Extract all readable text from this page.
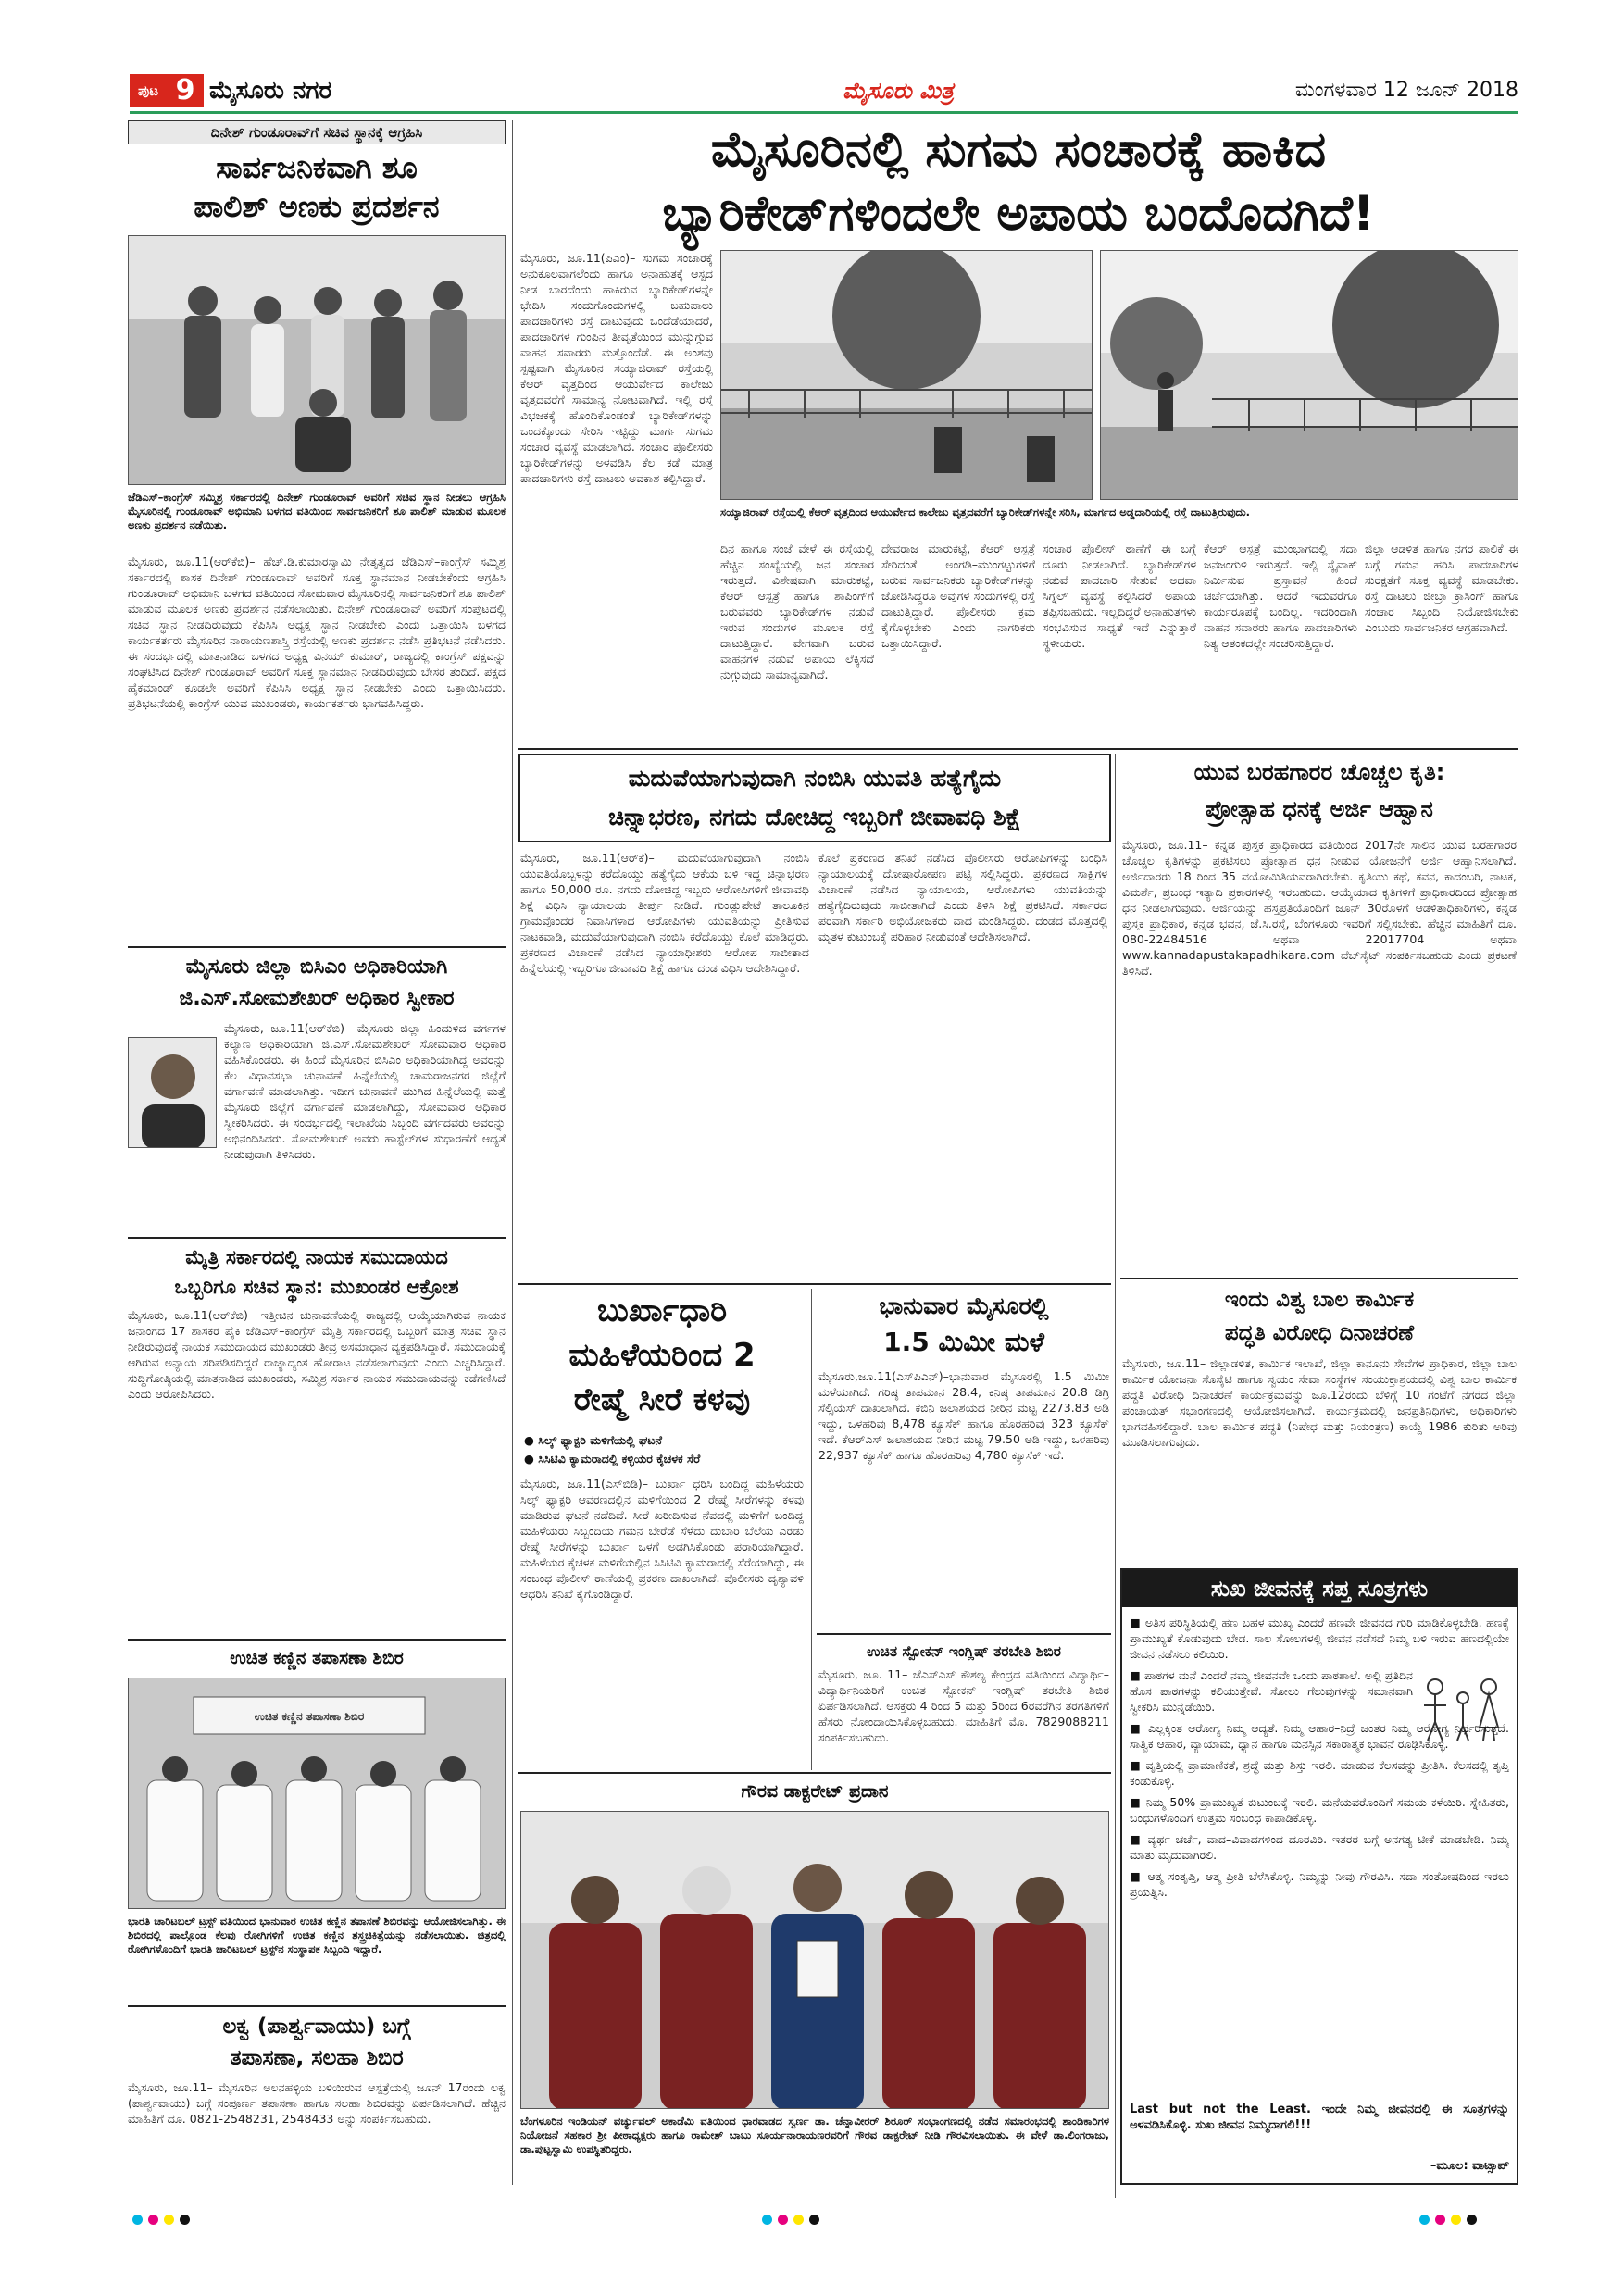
ಪುಟ 9 ಮೈಸೂರು ನಗರ	ಮೈಸೂರು ಮಿತ್ರ	ಮಂಗಳವಾರ 12 ಜೂನ್ 2018
ದಿನೇಶ್ ಗುಂಡೂರಾವ್‌ಗೆ ಸಚಿವ ಸ್ಥಾನಕ್ಕೆ ಆಗ್ರಹಿಸಿ
ಸಾರ್ವಜನಿಕವಾಗಿ ಶೂ
ಪಾಲಿಶ್ ಅಣಕು ಪ್ರದರ್ಶನ
ಜೆಡಿಎಸ್–ಕಾಂಗ್ರೆಸ್ ಸಮ್ಮಿಶ್ರ ಸರ್ಕಾರದಲ್ಲಿ ದಿನೇಶ್ ಗುಂಡೂರಾವ್ ಅವರಿಗೆ ಸಚಿವ ಸ್ಥಾನ ನೀಡಲು ಆಗ್ರಹಿಸಿ ಮೈಸೂರಿನಲ್ಲಿ ಗುಂಡೂರಾವ್ ಅಭಿಮಾನಿ ಬಳಗದ ವತಿಯಿಂದ ಸಾರ್ವಜನಿಕರಿಗೆ ಶೂ ಪಾಲಿಶ್ ಮಾಡುವ ಮೂಲಕ ಅಣಕು ಪ್ರದರ್ಶನ ನಡೆಯಿತು.
ಮೈಸೂರು, ಜೂ.11(ಆರ್‌ಕೆಬಿ)– ಹೆಚ್.ಡಿ.ಕುಮಾರಸ್ವಾಮಿ ನೇತೃತ್ವದ ಜೆಡಿಎಸ್–ಕಾಂಗ್ರೆಸ್ ಸಮ್ಮಿಶ್ರ ಸರ್ಕಾರದಲ್ಲಿ ಶಾಸಕ ದಿನೇಶ್ ಗುಂಡೂರಾವ್ ಅವರಿಗೆ ಸೂಕ್ತ ಸ್ಥಾನಮಾನ ನೀಡಬೇಕೆಂದು ಆಗ್ರಹಿಸಿ ಗುಂಡೂರಾವ್ ಅಭಿಮಾನಿ ಬಳಗದ ವತಿಯಿಂದ ಸೋಮವಾರ ಮೈಸೂರಿನಲ್ಲಿ ಸಾರ್ವಜನಿಕರಿಗೆ ಶೂ ಪಾಲಿಶ್ ಮಾಡುವ ಮೂಲಕ ಅಣಕು ಪ್ರದರ್ಶನ ನಡೆಸಲಾಯಿತು. ದಿನೇಶ್ ಗುಂಡೂರಾವ್ ಅವರಿಗೆ ಸಂಪುಟದಲ್ಲಿ ಸಚಿವ ಸ್ಥಾನ ನೀಡದಿರುವುದು ಕೆಪಿಸಿಸಿ ಅಧ್ಯಕ್ಷ ಸ್ಥಾನ ನೀಡಬೇಕು ಎಂದು ಒತ್ತಾಯಿಸಿ ಬಳಗದ ಕಾರ್ಯಕರ್ತರು ಮೈಸೂರಿನ ನಾರಾಯಣಶಾಸ್ತ್ರಿ ರಸ್ತೆಯಲ್ಲಿ ಅಣಕು ಪ್ರದರ್ಶನ ನಡೆಸಿ ಪ್ರತಿಭಟನೆ ನಡೆಸಿದರು. ಈ ಸಂದರ್ಭದಲ್ಲಿ ಮಾತನಾಡಿದ ಬಳಗದ ಅಧ್ಯಕ್ಷ ವಿನಯ್ ಕುಮಾರ್, ರಾಜ್ಯದಲ್ಲಿ ಕಾಂಗ್ರೆಸ್ ಪಕ್ಷವನ್ನು ಸಂಘಟಿಸಿದ ದಿನೇಶ್ ಗುಂಡೂರಾವ್ ಅವರಿಗೆ ಸೂಕ್ತ ಸ್ಥಾನಮಾನ ನೀಡದಿರುವುದು ಬೇಸರ ತಂದಿದೆ. ಪಕ್ಷದ ಹೈಕಮಾಂಡ್ ಕೂಡಲೇ ಅವರಿಗೆ ಕೆಪಿಸಿಸಿ ಅಧ್ಯಕ್ಷ ಸ್ಥಾನ ನೀಡಬೇಕು ಎಂದು ಒತ್ತಾಯಿಸಿದರು. ಪ್ರತಿಭಟನೆಯಲ್ಲಿ ಕಾಂಗ್ರೆಸ್ ಯುವ ಮುಖಂಡರು, ಕಾರ್ಯಕರ್ತರು ಭಾಗವಹಿಸಿದ್ದರು.
ಮೈಸೂರು ಜಿಲ್ಲಾ ಬಿಸಿಎಂ ಅಧಿಕಾರಿಯಾಗಿ
ಜಿ.ಎಸ್.ಸೋಮಶೇಖರ್ ಅಧಿಕಾರ ಸ್ವೀಕಾರ
ಮೈಸೂರು, ಜೂ.11(ಆರ್‌ಕೆಬಿ)– ಮೈಸೂರು ಜಿಲ್ಲಾ ಹಿಂದುಳಿದ ವರ್ಗಗಳ ಕಲ್ಯಾಣ ಅಧಿಕಾರಿಯಾಗಿ ಜಿ.ಎಸ್.ಸೋಮಶೇಖರ್ ಸೋಮವಾರ ಅಧಿಕಾರ ವಹಿಸಿಕೊಂಡರು. ಈ ಹಿಂದೆ ಮೈಸೂರಿನ ಬಿಸಿಎಂ ಅಧಿಕಾರಿಯಾಗಿದ್ದ ಅವರನ್ನು ಕೆಲ ವಿಧಾನಸಭಾ ಚುನಾವಣೆ ಹಿನ್ನೆಲೆಯಲ್ಲಿ ಚಾಮರಾಜನಗರ ಜಿಲ್ಲೆಗೆ ವರ್ಗಾವಣೆ ಮಾಡಲಾಗಿತ್ತು. ಇದೀಗ ಚುನಾವಣೆ ಮುಗಿದ ಹಿನ್ನೆಲೆಯಲ್ಲಿ ಮತ್ತೆ ಮೈಸೂರು ಜಿಲ್ಲೆಗೆ ವರ್ಗಾವಣೆ ಮಾಡಲಾಗಿದ್ದು, ಸೋಮವಾರ ಅಧಿಕಾರ ಸ್ವೀಕರಿಸಿದರು. ಈ ಸಂದರ್ಭದಲ್ಲಿ ಇಲಾಖೆಯ ಸಿಬ್ಬಂದಿ ವರ್ಗದವರು ಅವರನ್ನು ಅಭಿನಂದಿಸಿದರು. ಸೋಮಶೇಖರ್ ಅವರು ಹಾಸ್ಟೆಲ್‌ಗಳ ಸುಧಾರಣೆಗೆ ಆದ್ಯತೆ ನೀಡುವುದಾಗಿ ತಿಳಿಸಿದರು.
ಮೈತ್ರಿ ಸರ್ಕಾರದಲ್ಲಿ ನಾಯಕ ಸಮುದಾಯದ
ಒಬ್ಬರಿಗೂ ಸಚಿವ ಸ್ಥಾನ: ಮುಖಂಡರ ಆಕ್ರೋಶ
ಮೈಸೂರು, ಜೂ.11(ಆರ್‌ಕೆಬಿ)– ಇತ್ತೀಚಿನ ಚುನಾವಣೆಯಲ್ಲಿ ರಾಜ್ಯದಲ್ಲಿ ಆಯ್ಕೆಯಾಗಿರುವ ನಾಯಕ ಜನಾಂಗದ 17 ಶಾಸಕರ ಪೈಕಿ ಜೆಡಿಎಸ್–ಕಾಂಗ್ರೆಸ್ ಮೈತ್ರಿ ಸರ್ಕಾರದಲ್ಲಿ ಒಬ್ಬರಿಗೆ ಮಾತ್ರ ಸಚಿವ ಸ್ಥಾನ ನೀಡಿರುವುದಕ್ಕೆ ನಾಯಕ ಸಮುದಾಯದ ಮುಖಂಡರು ತೀವ್ರ ಅಸಮಾಧಾನ ವ್ಯಕ್ತಪಡಿಸಿದ್ದಾರೆ. ಸಮುದಾಯಕ್ಕೆ ಆಗಿರುವ ಅನ್ಯಾಯ ಸರಿಪಡಿಸದಿದ್ದರೆ ರಾಜ್ಯಾದ್ಯಂತ ಹೋರಾಟ ನಡೆಸಲಾಗುವುದು ಎಂದು ಎಚ್ಚರಿಸಿದ್ದಾರೆ. ಸುದ್ದಿಗೋಷ್ಠಿಯಲ್ಲಿ ಮಾತನಾಡಿದ ಮುಖಂಡರು, ಸಮ್ಮಿಶ್ರ ಸರ್ಕಾರ ನಾಯಕ ಸಮುದಾಯವನ್ನು ಕಡೆಗಣಿಸಿದೆ ಎಂದು ಆರೋಪಿಸಿದರು.
ಉಚಿತ ಕಣ್ಣಿನ ತಪಾಸಣಾ ಶಿಬಿರ
ಉಚಿತ ಕಣ್ಣಿನ ತಪಾಸಣಾ ಶಿಬಿರ
ಭಾರತಿ ಚಾರಿಟಬಲ್ ಟ್ರಸ್ಟ್ ವತಿಯಿಂದ ಭಾನುವಾರ ಉಚಿತ ಕಣ್ಣಿನ ತಪಾಸಣೆ ಶಿಬಿರವನ್ನು ಆಯೋಜಿಸಲಾಗಿತ್ತು. ಈ ಶಿಬಿರದಲ್ಲಿ ಪಾಲ್ಗೊಂಡ ಕೆಲವು ರೋಗಿಗಳಿಗೆ ಉಚಿತ ಕಣ್ಣಿನ ಶಸ್ತ್ರಚಿಕಿತ್ಸೆಯನ್ನು ನಡೆಸಲಾಯಿತು. ಚಿತ್ರದಲ್ಲಿ ರೋಗಿಗಳೊಂದಿಗೆ ಭಾರತಿ ಚಾರಿಟಬಲ್ ಟ್ರಸ್ಟ್‌ನ ಸಂಸ್ಥಾಪಕ ಸಿಬ್ಬಂದಿ ಇದ್ದಾರೆ.
ಲಕ್ವ (ಪಾರ್ಶ್ವವಾಯು) ಬಗ್ಗೆ
ತಪಾಸಣಾ, ಸಲಹಾ ಶಿಬಿರ
ಮೈಸೂರು, ಜೂ.11– ಮೈಸೂರಿನ ಅಲನಹಳ್ಳಿಯ ಬಳಿಯಿರುವ ಆಸ್ಪತ್ರೆಯಲ್ಲಿ ಜೂನ್ 17ರಂದು ಲಕ್ವ (ಪಾರ್ಶ್ವವಾಯು) ಬಗ್ಗೆ ಸಂಪೂರ್ಣ ತಪಾಸಣಾ ಹಾಗೂ ಸಲಹಾ ಶಿಬಿರವನ್ನು ಏರ್ಪಡಿಸಲಾಗಿದೆ. ಹೆಚ್ಚಿನ ಮಾಹಿತಿಗೆ ದೂ. 0821-2548231, 2548433 ಅನ್ನು ಸಂಪರ್ಕಿಸಬಹುದು.
ಮೈಸೂರಿನಲ್ಲಿ ಸುಗಮ ಸಂಚಾರಕ್ಕೆ ಹಾಕಿದ
ಬ್ಯಾರಿಕೇಡ್‌ಗಳಿಂದಲೇ ಅಪಾಯ ಬಂದೊದಗಿದೆ!
ಮೈಸೂರು, ಜೂ.11(ಪಿಎಂ)– ಸುಗಮ ಸಂಚಾರಕ್ಕೆ ಅನುಕೂಲವಾಗಲೆಂದು ಹಾಗೂ ಅನಾಹುತಕ್ಕೆ ಆಸ್ಪದ ನೀಡ ಬಾರದೆಂದು ಹಾಕಿರುವ ಬ್ಯಾರಿಕೇಡ್‌ಗಳನ್ನೇ ಭೇದಿಸಿ ಸಂದುಗೊಂದುಗಳಲ್ಲಿ ಬಹುಪಾಲು ಪಾದಚಾರಿಗಳು ರಸ್ತೆ ದಾಟುವುದು ಒಂದೆಡೆಯಾದರೆ, ಪಾದಚಾರಿಗಳ ಗುಂಪಿನ ತೀವೃತೆಯಿಂದ ಮುನ್ನುಗ್ಗುವ ವಾಹನ ಸವಾರರು ಮತ್ತೊಂದೆಡೆ. ಈ ಅಂಶವು ಸ್ಪಷ್ಟವಾಗಿ ಮೈಸೂರಿನ ಸಯ್ಯಾಜಿರಾವ್ ರಸ್ತೆಯಲ್ಲಿ ಕೆಆರ್ ವೃತ್ತದಿಂದ ಆಯುರ್ವೇದ ಕಾಲೇಜು ವೃತ್ತದವರೆಗೆ ಸಾಮಾನ್ಯ ನೋಟವಾಗಿದೆ. ಇಲ್ಲಿ ರಸ್ತೆ ವಿಭಜಕಕ್ಕೆ ಹೊಂದಿಕೊಂಡಂತೆ ಬ್ಯಾರಿಕೇಡ್‌ಗಳನ್ನು ಒಂದಕ್ಕೊಂದು ಸೇರಿಸಿ ಇಟ್ಟಿದ್ದು ಮಾರ್ಗ ಸುಗಮ ಸಂಚಾರ ವ್ಯವಸ್ಥೆ ಮಾಡಲಾಗಿದೆ. ಸಂಚಾರ ಪೊಲೀಸರು ಬ್ಯಾರಿಕೇಡ್‌ಗಳನ್ನು ಅಳವಡಿಸಿ ಕೆಲ ಕಡೆ ಮಾತ್ರ ಪಾದಚಾರಿಗಳು ರಸ್ತೆ ದಾಟಲು ಅವಕಾಶ ಕಲ್ಪಿಸಿದ್ದಾರೆ.
ಸಯ್ಯಾಜಿರಾವ್ ರಸ್ತೆಯಲ್ಲಿ ಕೆಆರ್ ವೃತ್ತದಿಂದ ಆಯುರ್ವೇದ ಕಾಲೇಜು ವೃತ್ತದವರೆಗೆ ಬ್ಯಾರಿಕೇಡ್‌ಗಳನ್ನೇ ಸರಿಸಿ, ಮಾರ್ಗದ ಅಡ್ಡದಾರಿಯಲ್ಲಿ ರಸ್ತೆ ದಾಟುತ್ತಿರುವುದು.
ದಿನ ಹಾಗೂ ಸಂಜೆ ವೇಳೆ ಈ ರಸ್ತೆಯಲ್ಲಿ ಹೆಚ್ಚಿನ ಸಂಖ್ಯೆಯಲ್ಲಿ ಜನ ಸಂಚಾರ ಇರುತ್ತದೆ. ವಿಶೇಷವಾಗಿ ಮಾರುಕಟ್ಟೆ, ಕೆಆರ್ ಆಸ್ಪತ್ರೆ ಹಾಗೂ ಶಾಪಿಂಗ್‌ಗೆ ಬರುವವರು ಬ್ಯಾರಿಕೇಡ್‌ಗಳ ನಡುವೆ ಇರುವ ಸಂದುಗಳ ಮೂಲಕ ರಸ್ತೆ ದಾಟುತ್ತಿದ್ದಾರೆ. ವೇಗವಾಗಿ ಬರುವ ವಾಹನಗಳ ನಡುವೆ ಅಪಾಯ ಲೆಕ್ಕಿಸದೆ ನುಗ್ಗುವುದು ಸಾಮಾನ್ಯವಾಗಿದೆ.
ದೇವರಾಜ ಮಾರುಕಟ್ಟೆ, ಕೆಆರ್ ಆಸ್ಪತ್ರೆ ಸೇರಿದಂತೆ ಅಂಗಡಿ–ಮುಂಗಟ್ಟುಗಳಿಗೆ ಬರುವ ಸಾರ್ವಜನಿಕರು ಬ್ಯಾರಿಕೇಡ್‌ಗಳನ್ನು ಜೋಡಿಸಿದ್ದರೂ ಅವುಗಳ ಸಂದುಗಳಲ್ಲಿ ರಸ್ತೆ ದಾಟುತ್ತಿದ್ದಾರೆ. ಪೊಲೀಸರು ಕ್ರಮ ಕೈಗೊಳ್ಳಬೇಕು ಎಂದು ನಾಗರಿಕರು ಒತ್ತಾಯಿಸಿದ್ದಾರೆ.
ಸಂಚಾರ ಪೊಲೀಸ್ ಠಾಣೆಗೆ ಈ ಬಗ್ಗೆ ದೂರು ನೀಡಲಾಗಿದೆ. ಬ್ಯಾರಿಕೇಡ್‌ಗಳ ನಡುವೆ ಪಾದಚಾರಿ ಸೇತುವೆ ಅಥವಾ ಸಿಗ್ನಲ್ ವ್ಯವಸ್ಥೆ ಕಲ್ಪಿಸಿದರೆ ಅಪಾಯ ತಪ್ಪಿಸಬಹುದು. ಇಲ್ಲದಿದ್ದರೆ ಅನಾಹುತಗಳು ಸಂಭವಿಸುವ ಸಾಧ್ಯತೆ ಇದೆ ಎನ್ನುತ್ತಾರೆ ಸ್ಥಳೀಯರು.
ಕೆಆರ್ ಆಸ್ಪತ್ರೆ ಮುಂಭಾಗದಲ್ಲಿ ಸದಾ ಜನಜಂಗುಳಿ ಇರುತ್ತದೆ. ಇಲ್ಲಿ ಸ್ಕೈವಾಕ್ ನಿರ್ಮಿಸುವ ಪ್ರಸ್ತಾವನೆ ಹಿಂದೆ ಚರ್ಚೆಯಾಗಿತ್ತು. ಆದರೆ ಇದುವರೆಗೂ ಕಾರ್ಯರೂಪಕ್ಕೆ ಬಂದಿಲ್ಲ. ಇದರಿಂದಾಗಿ ವಾಹನ ಸವಾರರು ಹಾಗೂ ಪಾದಚಾರಿಗಳು ನಿತ್ಯ ಆತಂಕದಲ್ಲೇ ಸಂಚರಿಸುತ್ತಿದ್ದಾರೆ.
ಜಿಲ್ಲಾ ಆಡಳಿತ ಹಾಗೂ ನಗರ ಪಾಲಿಕೆ ಈ ಬಗ್ಗೆ ಗಮನ ಹರಿಸಿ ಪಾದಚಾರಿಗಳ ಸುರಕ್ಷತೆಗೆ ಸೂಕ್ತ ವ್ಯವಸ್ಥೆ ಮಾಡಬೇಕು. ರಸ್ತೆ ದಾಟಲು ಜೀಬ್ರಾ ಕ್ರಾಸಿಂಗ್ ಹಾಗೂ ಸಂಚಾರ ಸಿಬ್ಬಂದಿ ನಿಯೋಜಿಸಬೇಕು ಎಂಬುದು ಸಾರ್ವಜನಿಕರ ಆಗ್ರಹವಾಗಿದೆ.
ಮದುವೆಯಾಗುವುದಾಗಿ ನಂಬಿಸಿ ಯುವತಿ ಹತ್ಯೆಗೈದು
ಚಿನ್ನಾಭರಣ, ನಗದು ದೋಚಿದ್ದ ಇಬ್ಬರಿಗೆ ಜೀವಾವಧಿ ಶಿಕ್ಷೆ
ಮೈಸೂರು, ಜೂ.11(ಆರ್‌ಕೆ)– ಮದುವೆಯಾಗುವುದಾಗಿ ನಂಬಿಸಿ ಯುವತಿಯೊಬ್ಬಳನ್ನು ಕರೆದೊಯ್ದು ಹತ್ಯೆಗೈದು ಆಕೆಯ ಬಳಿ ಇದ್ದ ಚಿನ್ನಾಭರಣ ಹಾಗೂ 50,000 ರೂ. ನಗದು ದೋಚಿದ್ದ ಇಬ್ಬರು ಆರೋಪಿಗಳಿಗೆ ಜೀವಾವಧಿ ಶಿಕ್ಷೆ ವಿಧಿಸಿ ನ್ಯಾಯಾಲಯ ತೀರ್ಪು ನೀಡಿದೆ. ಗುಂಡ್ಲುಪೇಟೆ ತಾಲೂಕಿನ ಗ್ರಾಮವೊಂದರ ನಿವಾಸಿಗಳಾದ ಆರೋಪಿಗಳು ಯುವತಿಯನ್ನು ಪ್ರೀತಿಸುವ ನಾಟಕವಾಡಿ, ಮದುವೆಯಾಗುವುದಾಗಿ ನಂಬಿಸಿ ಕರೆದೊಯ್ದು ಕೊಲೆ ಮಾಡಿದ್ದರು. ಪ್ರಕರಣದ ವಿಚಾರಣೆ ನಡೆಸಿದ ನ್ಯಾಯಾಧೀಶರು ಆರೋಪ ಸಾಬೀತಾದ ಹಿನ್ನೆಲೆಯಲ್ಲಿ ಇಬ್ಬರಿಗೂ ಜೀವಾವಧಿ ಶಿಕ್ಷೆ ಹಾಗೂ ದಂಡ ವಿಧಿಸಿ ಆದೇಶಿಸಿದ್ದಾರೆ.
ಕೊಲೆ ಪ್ರಕರಣದ ತನಿಖೆ ನಡೆಸಿದ ಪೊಲೀಸರು ಆರೋಪಿಗಳನ್ನು ಬಂಧಿಸಿ ನ್ಯಾಯಾಲಯಕ್ಕೆ ದೋಷಾರೋಪಣ ಪಟ್ಟಿ ಸಲ್ಲಿಸಿದ್ದರು. ಪ್ರಕರಣದ ಸಾಕ್ಷಿಗಳ ವಿಚಾರಣೆ ನಡೆಸಿದ ನ್ಯಾಯಾಲಯ, ಆರೋಪಿಗಳು ಯುವತಿಯನ್ನು ಹತ್ಯೆಗೈದಿರುವುದು ಸಾಬೀತಾಗಿದೆ ಎಂದು ತಿಳಿಸಿ ಶಿಕ್ಷೆ ಪ್ರಕಟಿಸಿದೆ. ಸರ್ಕಾರದ ಪರವಾಗಿ ಸರ್ಕಾರಿ ಅಭಿಯೋಜಕರು ವಾದ ಮಂಡಿಸಿದ್ದರು. ದಂಡದ ಮೊತ್ತದಲ್ಲಿ ಮೃತಳ ಕುಟುಂಬಕ್ಕೆ ಪರಿಹಾರ ನೀಡುವಂತೆ ಆದೇಶಿಸಲಾಗಿದೆ.
ಬುರ್ಖಾಧಾರಿ
ಮಹಿಳೆಯರಿಂದ 2
ರೇಷ್ಮೆ ಸೀರೆ ಕಳವು
● ಸಿಲ್ಕ್ ಫ್ಯಾಕ್ಟರಿ ಮಳಿಗೆಯಲ್ಲಿ ಘಟನೆ
● ಸಿಸಿಟಿವಿ ಕ್ಯಾಮರಾದಲ್ಲಿ ಕಳ್ಳಿಯರ ಕೈಚಳಕ ಸೆರೆ
ಮೈಸೂರು, ಜೂ.11(ಎಸ್‌ಬಿಡಿ)– ಬುರ್ಖಾ ಧರಿಸಿ ಬಂದಿದ್ದ ಮಹಿಳೆಯರು ಸಿಲ್ಕ್ ಫ್ಯಾಕ್ಟರಿ ಆವರಣದಲ್ಲಿನ ಮಳಿಗೆಯಿಂದ 2 ರೇಷ್ಮೆ ಸೀರೆಗಳನ್ನು ಕಳವು ಮಾಡಿರುವ ಘಟನೆ ನಡೆದಿದೆ. ಸೀರೆ ಖರೀದಿಸುವ ನೆಪದಲ್ಲಿ ಮಳಿಗೆಗೆ ಬಂದಿದ್ದ ಮಹಿಳೆಯರು ಸಿಬ್ಬಂದಿಯ ಗಮನ ಬೇರೆಡೆ ಸೆಳೆದು ದುಬಾರಿ ಬೆಲೆಯ ಎರಡು ರೇಷ್ಮೆ ಸೀರೆಗಳನ್ನು ಬುರ್ಖಾ ಒಳಗೆ ಅಡಗಿಸಿಕೊಂಡು ಪರಾರಿಯಾಗಿದ್ದಾರೆ. ಮಹಿಳೆಯರ ಕೈಚಳಕ ಮಳಿಗೆಯಲ್ಲಿನ ಸಿಸಿಟಿವಿ ಕ್ಯಾಮರಾದಲ್ಲಿ ಸೆರೆಯಾಗಿದ್ದು, ಈ ಸಂಬಂಧ ಪೊಲೀಸ್ ಠಾಣೆಯಲ್ಲಿ ಪ್ರಕರಣ ದಾಖಲಾಗಿದೆ. ಪೊಲೀಸರು ದೃಶ್ಯಾವಳಿ ಆಧರಿಸಿ ತನಿಖೆ ಕೈಗೊಂಡಿದ್ದಾರೆ.
ಭಾನುವಾರ ಮೈಸೂರಲ್ಲಿ
1.5 ಮಿಮೀ ಮಳೆ
ಮೈಸೂರು,ಜೂ.11(ಎಸ್‌ಪಿಎನ್)–ಭಾನುವಾರ ಮೈಸೂರಲ್ಲಿ 1.5 ಮಿಮೀ ಮಳೆಯಾಗಿದೆ. ಗರಿಷ್ಠ ತಾಪಮಾನ 28.4, ಕನಿಷ್ಠ ತಾಪಮಾನ 20.8 ಡಿಗ್ರಿ ಸೆಲ್ಸಿಯಸ್ ದಾಖಲಾಗಿದೆ. ಕಬಿನಿ ಜಲಾಶಯದ ನೀರಿನ ಮಟ್ಟ 2273.83 ಅಡಿ ಇದ್ದು, ಒಳಹರಿವು 8,478 ಕ್ಯೂಸೆಕ್ ಹಾಗೂ ಹೊರಹರಿವು 323 ಕ್ಯೂಸೆಕ್ ಇದೆ. ಕೆಆರ್‌ಎಸ್ ಜಲಾಶಯದ ನೀರಿನ ಮಟ್ಟ 79.50 ಅಡಿ ಇದ್ದು, ಒಳಹರಿವು 22,937 ಕ್ಯೂಸೆಕ್ ಹಾಗೂ ಹೊರಹರಿವು 4,780 ಕ್ಯೂಸೆಕ್ ಇದೆ.
ಉಚಿತ ಸ್ಪೋಕನ್ ಇಂಗ್ಲಿಷ್ ತರಬೇತಿ ಶಿಬಿರ
ಮೈಸೂರು, ಜೂ. 11– ಜೆಎಸ್‌ಎಸ್ ಕೌಶಲ್ಯ ಕೇಂದ್ರದ ವತಿಯಿಂದ ವಿದ್ಯಾರ್ಥಿ–ವಿದ್ಯಾರ್ಥಿನಿಯರಿಗೆ ಉಚಿತ ಸ್ಪೋಕನ್ ಇಂಗ್ಲಿಷ್ ತರಬೇತಿ ಶಿಬಿರ ಏರ್ಪಡಿಸಲಾಗಿದೆ. ಆಸಕ್ತರು 4 ರಿಂದ 5 ಮತ್ತು 5ರಿಂದ 6ರವರೆಗಿನ ತರಗತಿಗಳಿಗೆ ಹೆಸರು ನೋಂದಾಯಿಸಿಕೊಳ್ಳಬಹುದು. ಮಾಹಿತಿಗೆ ಮೊ. 7829088211 ಸಂಪರ್ಕಿಸಬಹುದು.
ಗೌರವ ಡಾಕ್ಟರೇಟ್ ಪ್ರದಾನ
ಬೆಂಗಳೂರಿನ ಇಂಡಿಯನ್ ವರ್ಚ್ಯುವಲ್ ಅಕಾಡೆಮಿ ವತಿಯಿಂದ ಧಾರವಾಡದ ಸ್ವರ್ಣ ಡಾ. ಚೆನ್ನಾವೀರರ್ ಶಿರೂರ್ ಸಂಭಾಂಗಣದಲ್ಲಿ ನಡೆದ ಸಮಾರಂಭದಲ್ಲಿ ಶಾಂಡಿಕಾರಿಗಳ ನಿಯೋಜನೆ ಸಹಕಾರ ಶ್ರೀ ಪೀಠಾಧ್ಯಕ್ಷರು ಹಾಗೂ ರಾಮೇಶ್ ಬಾಬು ಸೂರ್ಯನಾರಾಯಣರವರಿಗೆ ಗೌರವ ಡಾಕ್ಟರೇಟ್ ನೀಡಿ ಗೌರವಿಸಲಾಯಿತು. ಈ ವೇಳೆ ಡಾ.ಲಿಂಗರಾಜು, ಡಾ.ಪುಟ್ಟಸ್ವಾಮಿ ಉಪಸ್ಥಿತರಿದ್ದರು.
ಯುವ ಬರಹಗಾರರ ಚೊಚ್ಚಲ ಕೃತಿ:
ಪ್ರೋತ್ಸಾಹ ಧನಕ್ಕೆ ಅರ್ಜಿ ಆಹ್ವಾನ
ಮೈಸೂರು, ಜೂ.11– ಕನ್ನಡ ಪುಸ್ತಕ ಪ್ರಾಧಿಕಾರದ ವತಿಯಿಂದ 2017ನೇ ಸಾಲಿನ ಯುವ ಬರಹಗಾರರ ಚೊಚ್ಚಲ ಕೃತಿಗಳನ್ನು ಪ್ರಕಟಿಸಲು ಪ್ರೋತ್ಸಾಹ ಧನ ನೀಡುವ ಯೋಜನೆಗೆ ಅರ್ಜಿ ಆಹ್ವಾನಿಸಲಾಗಿದೆ. ಅರ್ಜಿದಾರರು 18 ರಿಂದ 35 ವಯೋಮಿತಿಯವರಾಗಿರಬೇಕು. ಕೃತಿಯು ಕಥೆ, ಕವನ, ಕಾದಂಬರಿ, ನಾಟಕ, ವಿಮರ್ಶೆ, ಪ್ರಬಂಧ ಇತ್ಯಾದಿ ಪ್ರಕಾರಗಳಲ್ಲಿ ಇರಬಹುದು. ಆಯ್ಕೆಯಾದ ಕೃತಿಗಳಿಗೆ ಪ್ರಾಧಿಕಾರದಿಂದ ಪ್ರೋತ್ಸಾಹ ಧನ ನೀಡಲಾಗುವುದು. ಅರ್ಜಿಯನ್ನು ಹಸ್ತಪ್ರತಿಯೊಂದಿಗೆ ಜೂನ್ 30ರೊಳಗೆ ಆಡಳಿತಾಧಿಕಾರಿಗಳು, ಕನ್ನಡ ಪುಸ್ತಕ ಪ್ರಾಧಿಕಾರ, ಕನ್ನಡ ಭವನ, ಜೆ.ಸಿ.ರಸ್ತೆ, ಬೆಂಗಳೂರು ಇವರಿಗೆ ಸಲ್ಲಿಸಬೇಕು. ಹೆಚ್ಚಿನ ಮಾಹಿತಿಗೆ ದೂ. 080-22484516 ಅಥವಾ 22017704 ಅಥವಾ www.kannadapustakapadhikara.com ವೆಬ್‌ಸೈಟ್ ಸಂಪರ್ಕಿಸಬಹುದು ಎಂದು ಪ್ರಕಟಣೆ ತಿಳಿಸಿದೆ.
ಇಂದು ವಿಶ್ವ ಬಾಲ ಕಾರ್ಮಿಕ
ಪದ್ಧತಿ ವಿರೋಧಿ ದಿನಾಚರಣೆ
ಮೈಸೂರು, ಜೂ.11– ಜಿಲ್ಲಾಡಳಿತ, ಕಾರ್ಮಿಕ ಇಲಾಖೆ, ಜಿಲ್ಲಾ ಕಾನೂನು ಸೇವೆಗಳ ಪ್ರಾಧಿಕಾರ, ಜಿಲ್ಲಾ ಬಾಲ ಕಾರ್ಮಿಕ ಯೋಜನಾ ಸೊಸೈಟಿ ಹಾಗೂ ಸ್ವಯಂ ಸೇವಾ ಸಂಸ್ಥೆಗಳ ಸಂಯುಕ್ತಾಶ್ರಯದಲ್ಲಿ ವಿಶ್ವ ಬಾಲ ಕಾರ್ಮಿಕ ಪದ್ಧತಿ ವಿರೋಧಿ ದಿನಾಚರಣೆ ಕಾರ್ಯಕ್ರಮವನ್ನು ಜೂ.12ರಂದು ಬೆಳಿಗ್ಗೆ 10 ಗಂಟೆಗೆ ನಗರದ ಜಿಲ್ಲಾ ಪಂಚಾಯತ್ ಸಭಾಂಗಣದಲ್ಲಿ ಆಯೋಜಿಸಲಾಗಿದೆ. ಕಾರ್ಯಕ್ರಮದಲ್ಲಿ ಜನಪ್ರತಿನಿಧಿಗಳು, ಅಧಿಕಾರಿಗಳು ಭಾಗವಹಿಸಲಿದ್ದಾರೆ. ಬಾಲ ಕಾರ್ಮಿಕ ಪದ್ಧತಿ (ನಿಷೇಧ ಮತ್ತು ನಿಯಂತ್ರಣ) ಕಾಯ್ದೆ 1986 ಕುರಿತು ಅರಿವು ಮೂಡಿಸಲಾಗುವುದು.
ಸುಖ ಜೀವನಕ್ಕೆ ಸಪ್ತ ಸೂತ್ರಗಳು
■ ಅತಿಸ ಪರಿಸ್ಥಿತಿಯಲ್ಲಿ ಹಣ ಬಹಳ ಮುಖ್ಯ ಎಂದರೆ ಹಣವೇ ಜೀವನದ ಗುರಿ ಮಾಡಿಕೊಳ್ಳಬೇಡಿ. ಹಣಕ್ಕೆ ಪ್ರಾಮುಖ್ಯತೆ ಕೊಡುವುದು ಬೇಡ. ಸಾಲ ಸೋಲಗಳಲ್ಲಿ ಜೀವನ ನಡೆಸದೆ ನಿಮ್ಮ ಬಳಿ ಇರುವ ಹಣದಲ್ಲಿಯೇ ಜೀವನ ನಡೆಸಲು ಕಲಿಯಿರಿ.
■ ಪಾಠಗಳ ಮನೆ ಎಂದರೆ ನಮ್ಮ ಜೀವನವೇ ಒಂದು ಪಾಠಶಾಲೆ. ಅಲ್ಲಿ ಪ್ರತಿದಿನ ಹೊಸ ಪಾಠಗಳನ್ನು ಕಲಿಯುತ್ತೇವೆ. ಸೋಲು ಗೆಲುವುಗಳನ್ನು ಸಮಾನವಾಗಿ ಸ್ವೀಕರಿಸಿ ಮುನ್ನಡೆಯಿರಿ.
■ ಎಲ್ಲಕ್ಕಿಂತ ಆರೋಗ್ಯ ನಿಮ್ಮ ಆದ್ಯತೆ. ನಿಮ್ಮ ಆಹಾರ–ನಿದ್ರೆ ಜಂತರ ನಿಮ್ಮ ಆರೋಗ್ಯ ನಿರ್ಧರಿಸುತ್ತದೆ. ಸಾತ್ವಿಕ ಆಹಾರ, ವ್ಯಾಯಾಮ, ಧ್ಯಾನ ಹಾಗೂ ಮನಸ್ಸಿನ ಸಕಾರಾತ್ಮಕ ಭಾವನೆ ರೂಢಿಸಿಕೊಳ್ಳಿ.
■ ವೃತ್ತಿಯಲ್ಲಿ ಪ್ರಾಮಾಣಿಕತೆ, ಶ್ರದ್ಧೆ ಮತ್ತು ಶಿಸ್ತು ಇರಲಿ. ಮಾಡುವ ಕೆಲಸವನ್ನು ಪ್ರೀತಿಸಿ. ಕೆಲಸದಲ್ಲಿ ತೃಪ್ತಿ ಕಂಡುಕೊಳ್ಳಿ.
■ ನಿಮ್ಮ 50% ಪ್ರಾಮುಖ್ಯತೆ ಕುಟುಂಬಕ್ಕೆ ಇರಲಿ. ಮನೆಯವರೊಂದಿಗೆ ಸಮಯ ಕಳೆಯಿರಿ. ಸ್ನೇಹಿತರು, ಬಂಧುಗಳೊಂದಿಗೆ ಉತ್ತಮ ಸಂಬಂಧ ಕಾಪಾಡಿಕೊಳ್ಳಿ.
■ ವ್ಯರ್ಥ ಚರ್ಚೆ, ವಾದ–ವಿವಾದಗಳಿಂದ ದೂರವಿರಿ. ಇತರರ ಬಗ್ಗೆ ಅನಗತ್ಯ ಟೀಕೆ ಮಾಡಬೇಡಿ. ನಿಮ್ಮ ಮಾತು ಮೃದುವಾಗಿರಲಿ.
■ ಆತ್ಮ ಸಂತೃಪ್ತಿ, ಆತ್ಮ ಪ್ರೀತಿ ಬೆಳೆಸಿಕೊಳ್ಳಿ. ನಿಮ್ಮನ್ನು ನೀವು ಗೌರವಿಸಿ. ಸದಾ ಸಂತೋಷದಿಂದ ಇರಲು ಪ್ರಯತ್ನಿಸಿ.
Last but not the Least. ಇಂದೇ ನಿಮ್ಮ ಜೀವನದಲ್ಲಿ ಈ ಸೂತ್ರಗಳನ್ನು ಅಳವಡಿಸಿಕೊಳ್ಳಿ. ಸುಖ ಜೀವನ ನಿಮ್ಮದಾಗಲಿ!!!
–ಮೂಲ: ವಾಟ್ಸಾಪ್
